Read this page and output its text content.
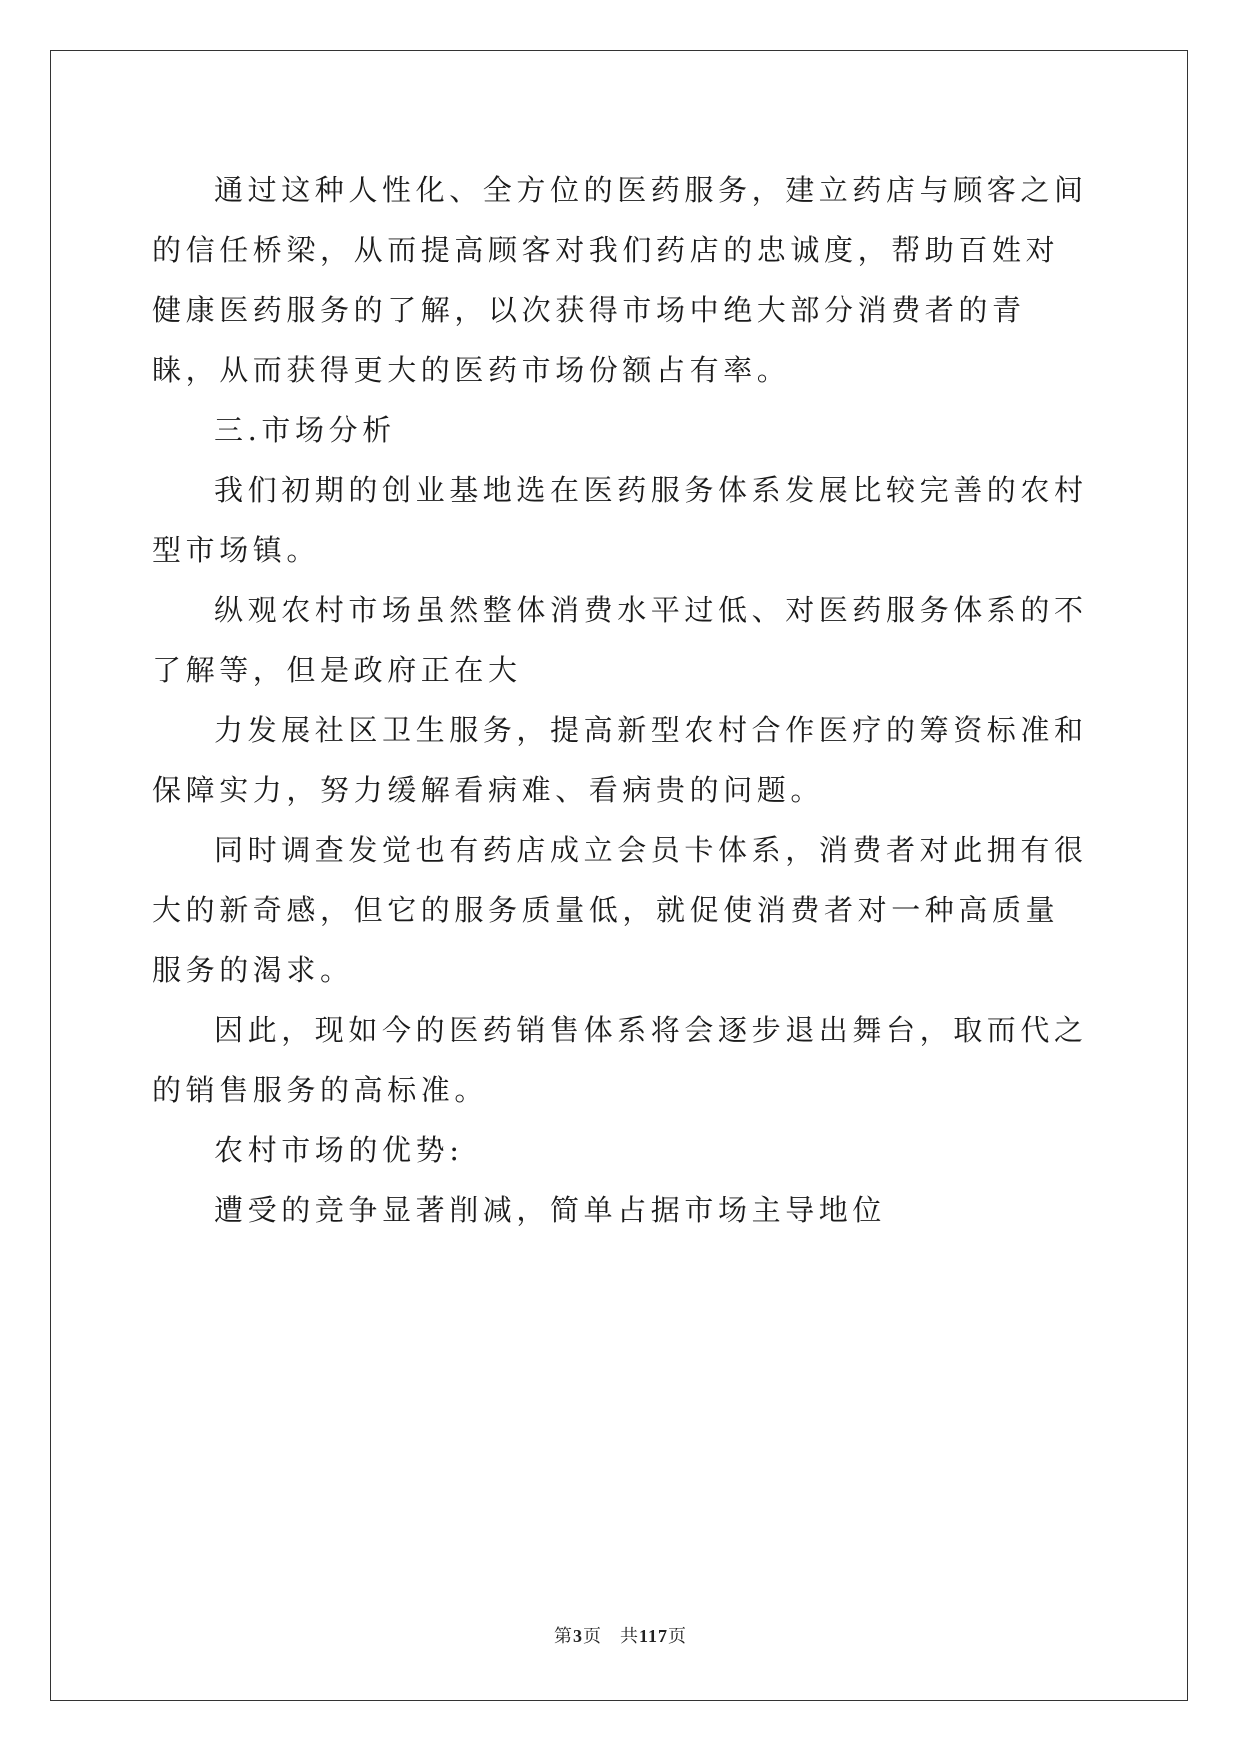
通过这种人性化、全方位的医药服务，建立药店与顾客之间的信任桥梁，从而提高顾客对我们药店的忠诚度，帮助百姓对健康医药服务的了解，以次获得市场中绝大部分消费者的青睐，从而获得更大的医药市场份额占有率。

三.市场分析

我们初期的创业基地选在医药服务体系发展比较完善的农村型市场镇。

纵观农村市场虽然整体消费水平过低、对医药服务体系的不了解等，但是政府正在大

力发展社区卫生服务，提高新型农村合作医疗的筹资标准和保障实力，努力缓解看病难、看病贵的问题。

同时调查发觉也有药店成立会员卡体系，消费者对此拥有很大的新奇感，但它的服务质量低，就促使消费者对一种高质量服务的渴求。

因此，现如今的医药销售体系将会逐步退出舞台，取而代之的销售服务的高标准。

农村市场的优势:

遭受的竞争显著削减，简单占据市场主导地位

第3页 共117页
